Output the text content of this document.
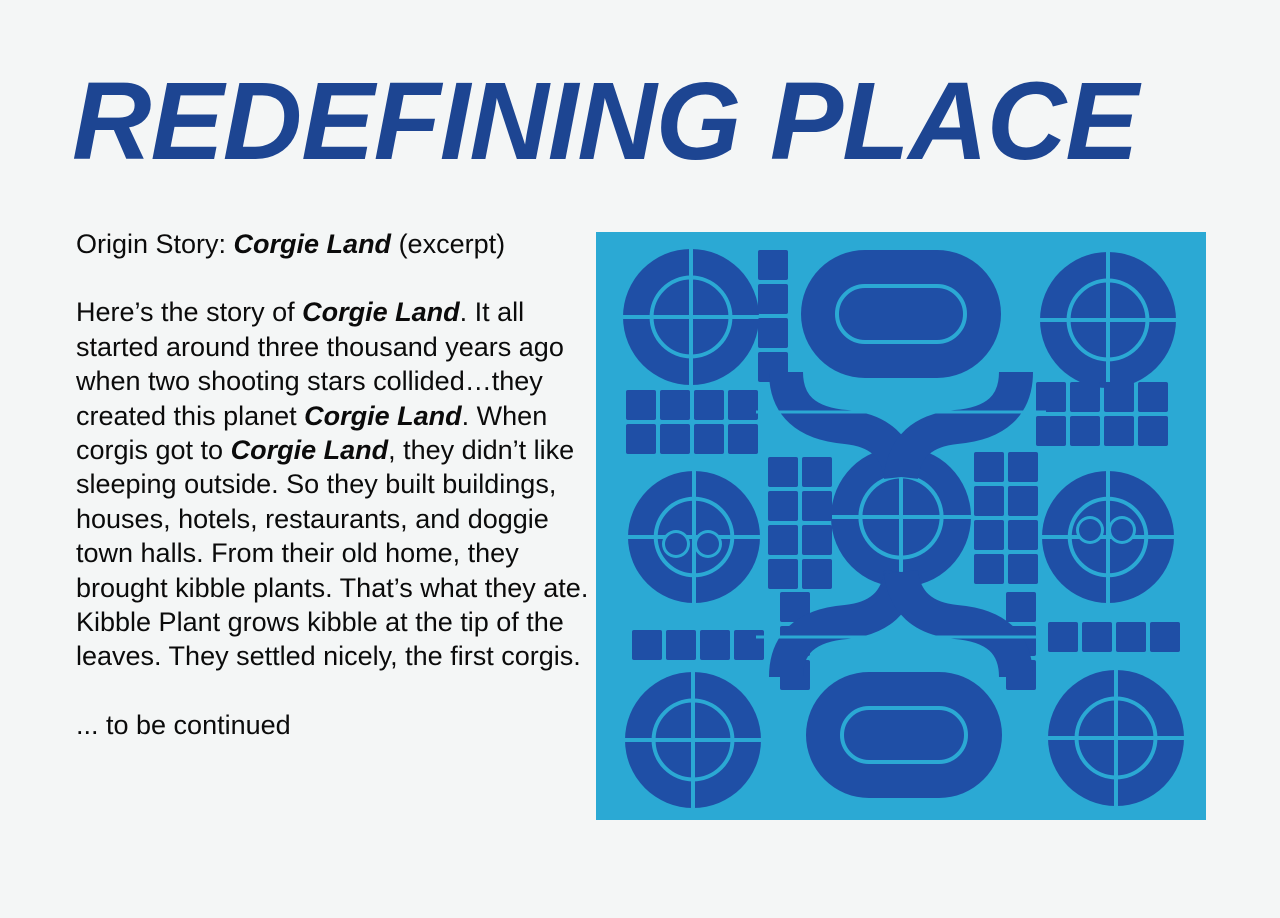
REDEFINING PLACE

Origin Story: Corgie Land (excerpt)

Here’s the story of Corgie Land. It all started around three thousand years ago when two shooting stars collided…they created this planet Corgie Land. When corgis got to Corgie Land, they didn’t like sleeping outside. So they built buildings, houses, hotels, restaurants, and doggie town halls. From their old home, they brought kibble plants. That’s what they ate. Kibble Plant grows kibble at the tip of the leaves. They settled nicely, the first corgis.

... to be continued
